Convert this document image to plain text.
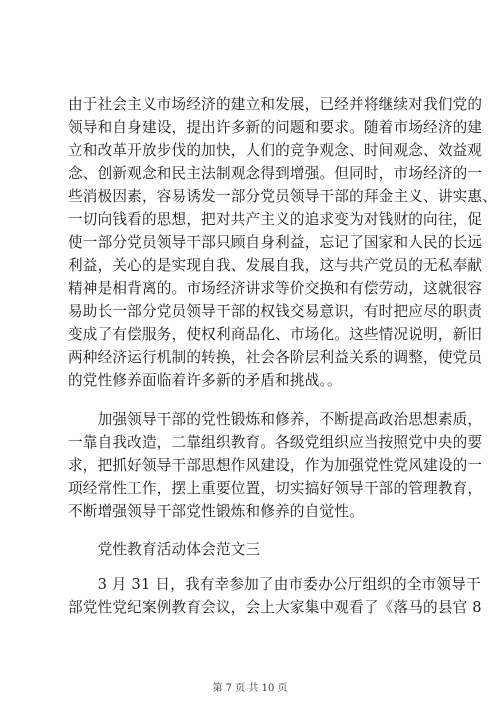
由于社会主义市场经济的建立和发展，已经并将继续对我们党的
领导和自身建设，提出许多新的问题和要求。随着市场经济的建
立和改革开放步伐的加快，人们的竞争观念、时间观念、效益观
念、创新观念和民主法制观念得到增强。但同时，市场经济的一
些消极因素，容易诱发一部分党员领导干部的拜金主义、讲实惠、
一切向钱看的思想，把对共产主义的追求变为对钱财的向往，促
使一部分党员领导干部只顾自身利益，忘记了国家和人民的长远
利益，关心的是实现自我、发展自我，这与共产党员的无私奉献
精神是相背离的。市场经济讲求等价交换和有偿劳动，这就很容
易助长一部分党员领导干部的权钱交易意识，有时把应尽的职责
变成了有偿服务，使权利商品化、市场化。这些情况说明，新旧
两种经济运行机制的转换，社会各阶层利益关系的调整，使党员
的党性修养面临着许多新的矛盾和挑战。。
　　加强领导干部的党性锻炼和修养，不断提高政治思想素质，
一靠自我改造，二靠组织教育。各级党组织应当按照党中央的要
求，把抓好领导干部思想作风建设，作为加强党性党风建设的一
项经常性工作，摆上重要位置，切实搞好领导干部的管理教育，
不断增强领导干部党性锻炼和修养的自觉性。
　　党性教育活动体会范文三
　　3 月 31 日，我有幸参加了由市委办公厅组织的全市领导干
部党性党纪案例教育会议，会上大家集中观看了《落马的县官 8
第 7 页 共 10 页
